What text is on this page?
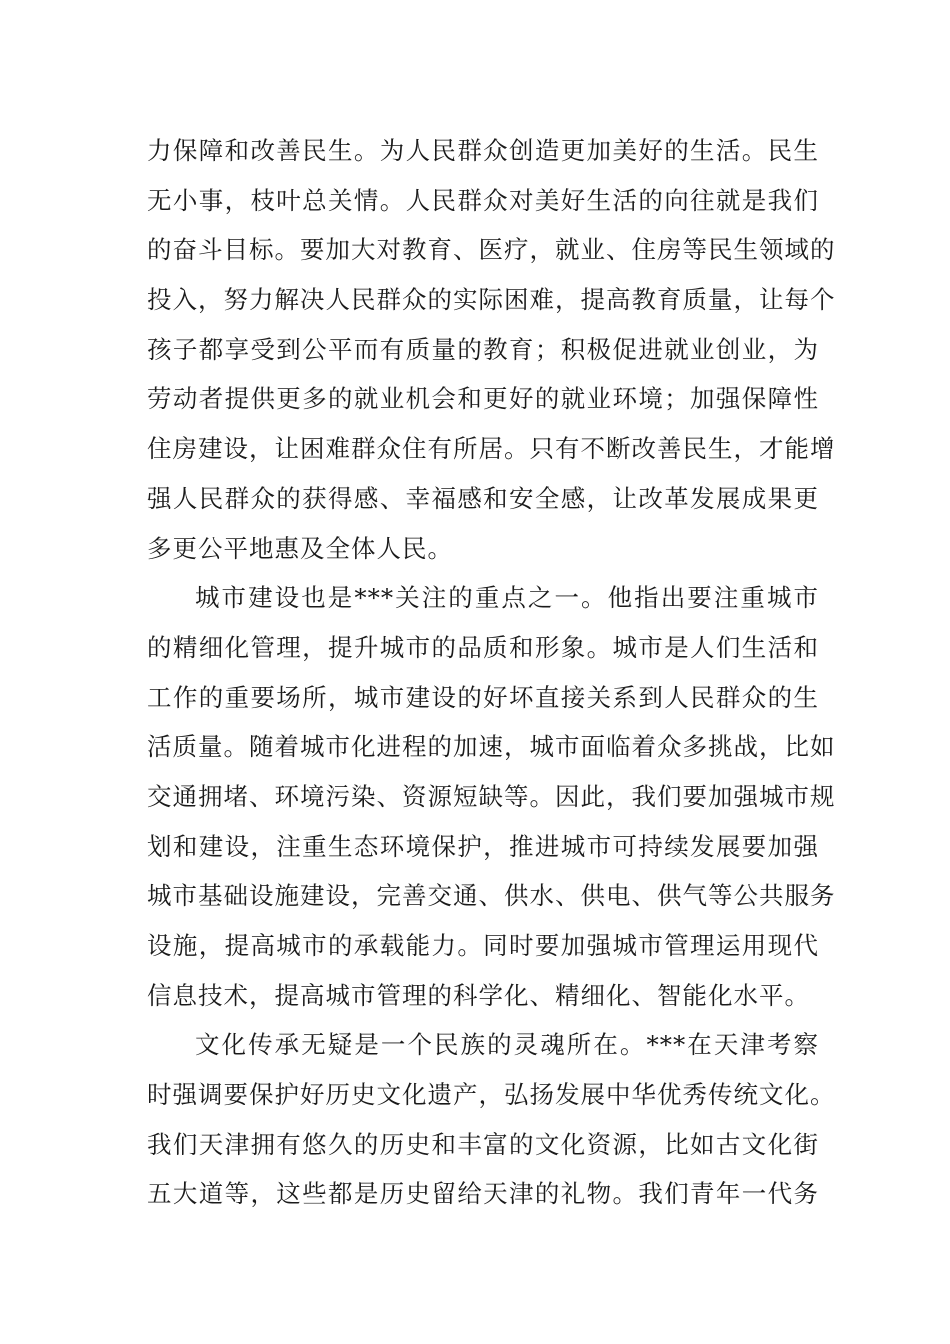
力保障和改善民生。为人民群众创造更加美好的生活。民生
无小事，枝叶总关情。人民群众对美好生活的向往就是我们
的奋斗目标。要加大对教育、医疗，就业、住房等民生领域的
投入，努力解决人民群众的实际困难，提高教育质量，让每个
孩子都享受到公平而有质量的教育；积极促进就业创业，为
劳动者提供更多的就业机会和更好的就业环境；加强保障性
住房建设，让困难群众住有所居。只有不断改善民生，才能增
强人民群众的获得感、幸福感和安全感，让改革发展成果更
多更公平地惠及全体人民。
城市建设也是***关注的重点之一。他指出要注重城市
的精细化管理，提升城市的品质和形象。城市是人们生活和
工作的重要场所，城市建设的好坏直接关系到人民群众的生
活质量。随着城市化进程的加速，城市面临着众多挑战，比如
交通拥堵、环境污染、资源短缺等。因此，我们要加强城市规
划和建设，注重生态环境保护，推进城市可持续发展要加强
城市基础设施建设，完善交通、供水、供电、供气等公共服务
设施，提高城市的承载能力。同时要加强城市管理运用现代
信息技术，提高城市管理的科学化、精细化、智能化水平。
文化传承无疑是一个民族的灵魂所在。***在天津考察
时强调要保护好历史文化遗产，弘扬发展中华优秀传统文化。
我们天津拥有悠久的历史和丰富的文化资源，比如古文化街
五大道等，这些都是历史留给天津的礼物。我们青年一代务
